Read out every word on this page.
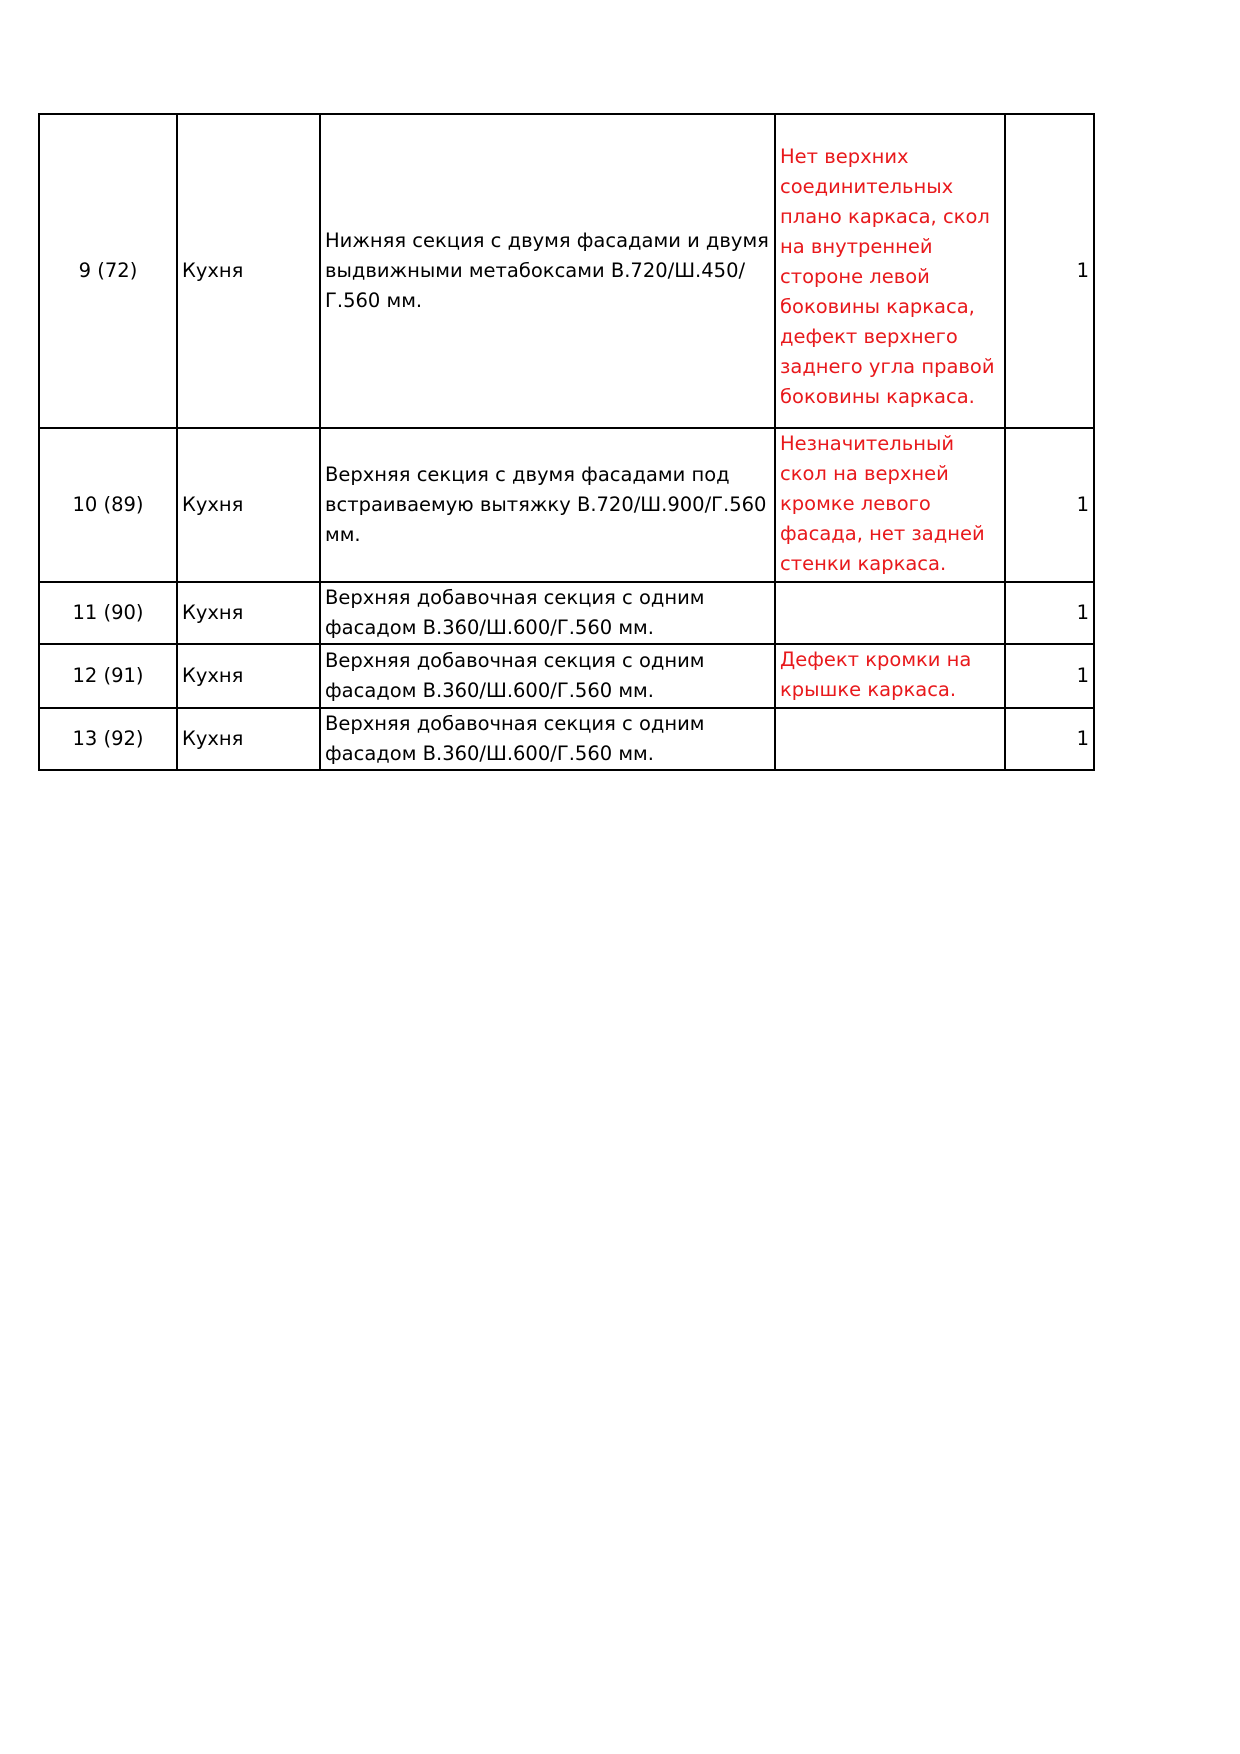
9 (72)	Кухня	Нижняя секция с двумя фасадами и двумя выдвижными метабоксами В.720/Ш.450/Г.560 мм.	Нет верхних соединительных плано каркаса, скол на внутренней стороне левой боковины каркаса, дефект верхнего заднего угла правой боковины каркаса.	1
10 (89)	Кухня	Верхняя секция с двумя фасадами под встраиваемую вытяжку В.720/Ш.900/Г.560 мм.	Незначительный скол на верхней кромке левого фасада, нет задней стенки каркаса.	1
11 (90)	Кухня	Верхняя добавочная секция с одним фасадом В.360/Ш.600/Г.560 мм.		1
12 (91)	Кухня	Верхняя добавочная секция с одним фасадом В.360/Ш.600/Г.560 мм.	Дефект кромки на крышке каркаса.	1
13 (92)	Кухня	Верхняя добавочная секция с одним фасадом В.360/Ш.600/Г.560 мм.		1
